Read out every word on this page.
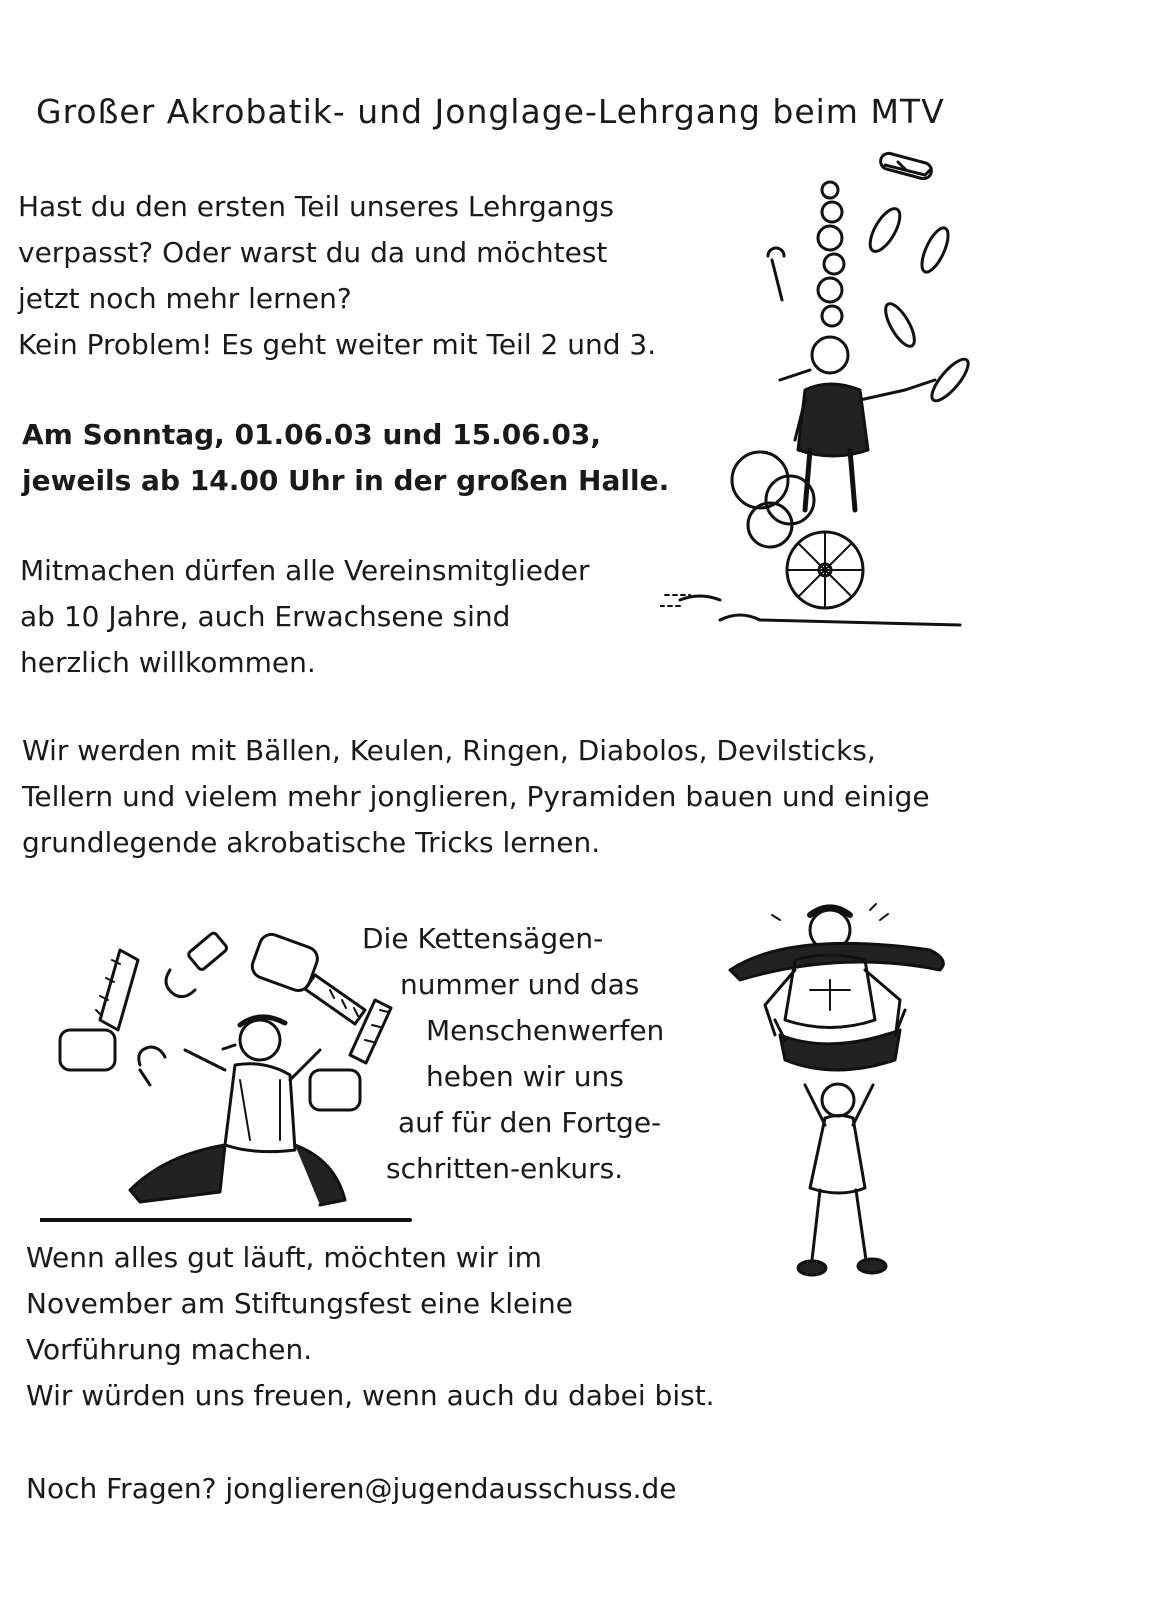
Großer Akrobatik- und Jonglage-Lehrgang beim MTV

Hast du den ersten Teil unseres Lehrgangs
verpasst? Oder warst du da und möchtest
jetzt noch mehr lernen?
Kein Problem! Es geht weiter mit Teil 2 und 3.

Am Sonntag, 01.06.03 und 15.06.03,
jeweils ab 14.00 Uhr in der großen Halle.

Mitmachen dürfen alle Vereinsmitglieder
ab 10 Jahre, auch Erwachsene sind
herzlich willkommen.

Wir werden mit Bällen, Keulen, Ringen, Diabolos, Devilsticks,
Tellern und vielem mehr jonglieren, Pyramiden bauen und einige
grundlegende akrobatische Tricks lernen.

Die Kettensägen-
nummer und das
Menschenwerfen
heben wir uns
auf für den Fortge-
schritten-enkurs.

Wenn alles gut läuft, möchten wir im
November am Stiftungsfest eine kleine
Vorführung machen.
Wir würden uns freuen, wenn auch du dabei bist.

Noch Fragen? jonglieren@jugendausschuss.de
